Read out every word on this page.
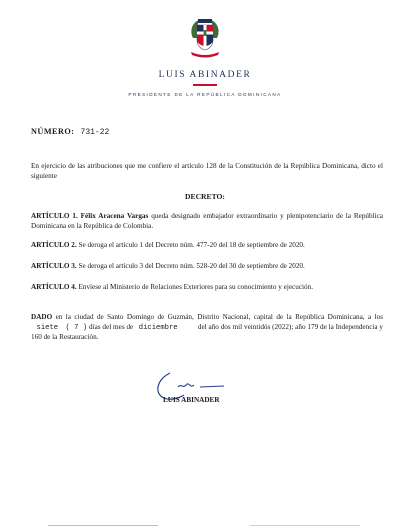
LUIS ABINADER
PRESIDENTE DE LA REPÚBLICA DOMINICANA
NÚMERO: 731-22
En ejercicio de las atribuciones que me confiere el artículo 128 de la Constitución de la República Dominicana, dicto el siguiente
DECRETO:
ARTÍCULO 1. Félix Aracena Vargas queda designado embajador extraordinario y plenipotenciario de la República Dominicana en la República de Colombia.
ARTÍCULO 2. Se deroga el artículo 1 del Decreto núm. 477-20 del 18 de septiembre de 2020.
ARTÍCULO 3. Se deroga el artículo 3 del Decreto núm. 528-20 del 30 de septiembre de 2020.
ARTÍCULO 4. Envíese al Ministerio de Relaciones Exteriores para su conocimiento y ejecución.
DADO en la ciudad de Santo Domingo de Guzmán, Distrito Nacional, capital de la República Dominicana, a los    siete ( 7 ) días del mes de   diciembre	del año dos mil veintidós (2022); año 179 de la Independencia y 160 de la Restauración.
LUIS ABINADER
